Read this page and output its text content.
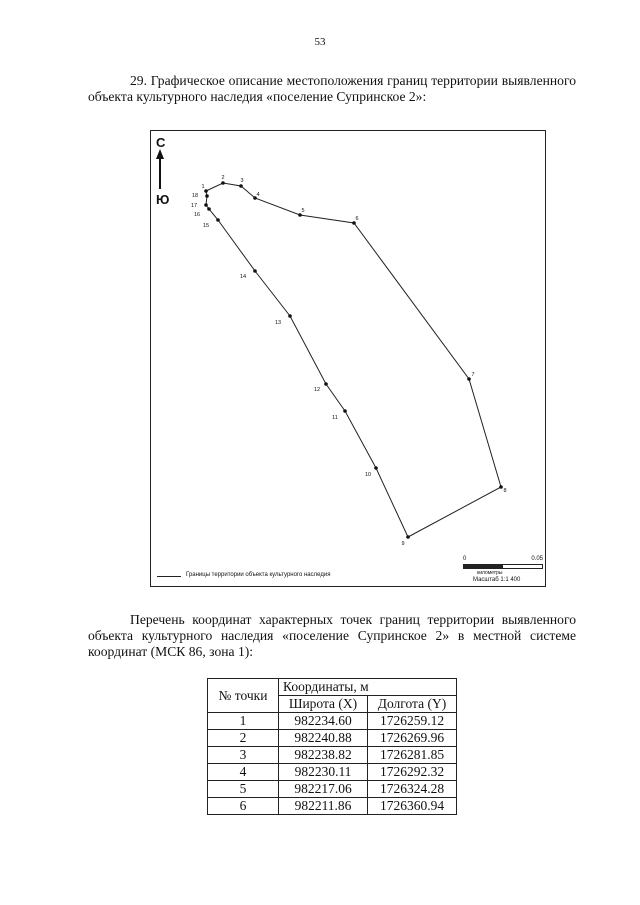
53
29. Графическое описание местоположения границ территории выявленного объекта культурного наследия «поселение Супринское 2»:
1
2	3
4
5
6
7
8
9
10
11
12
13
14
15
16
17
18
С
Ю
0	0.05
километры
Масштаб 1:1 400
Границы территории объекта культурного наследия
Перечень координат характерных точек границ территории выявленного объекта культурного наследия «поселение Супринское 2» в местной системе координат (МСК 86, зона 1):
№ точки	Координаты, м	
	Широта (X)	Долгота (Y)
1	982234.60	1726259.12
2	982240.88	1726269.96
3	982238.82	1726281.85
4	982230.11	1726292.32
5	982217.06	1726324.28
6	982211.86	1726360.94
